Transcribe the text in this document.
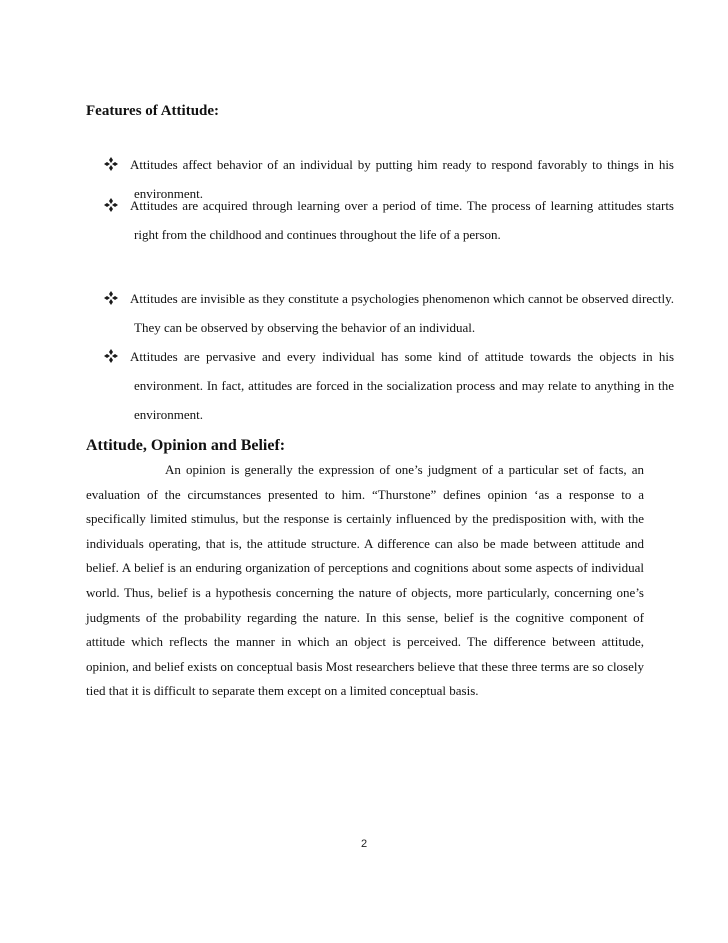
Features of Attitude:

Attitudes affect behavior of an individual by putting him ready to respond favorably to things in his environment.

Attitudes are acquired through learning over a period of time. The process of learning attitudes starts right from the childhood and continues throughout the life of a person.

Attitudes are invisible as they constitute a psychologies phenomenon which cannot be observed directly. They can be observed by observing the behavior of an individual.

Attitudes are pervasive and every individual has some kind of attitude towards the objects in his environment. In fact, attitudes are forced in the socialization process and may relate to anything in the environment.

Attitude, Opinion and Belief:

An opinion is generally the expression of one’s judgment of a particular set of facts, an evaluation of the circumstances presented to him. “Thurstone” defines opinion ‘as a response to a specifically limited stimulus, but the response is certainly influenced by the predisposition with, with the individuals operating, that is, the attitude structure. A difference can also be made between attitude and belief. A belief is an enduring organization of perceptions and cognitions about some aspects of individual world. Thus, belief is a hypothesis concerning the nature of objects, more particularly, concerning one’s judgments of the probability regarding the nature. In this sense, belief is the cognitive component of attitude which reflects the manner in which an object is perceived. The difference between attitude, opinion, and belief exists on conceptual basis Most researchers believe that these three terms are so closely tied that it is difficult to separate them except on a limited conceptual basis.

2
